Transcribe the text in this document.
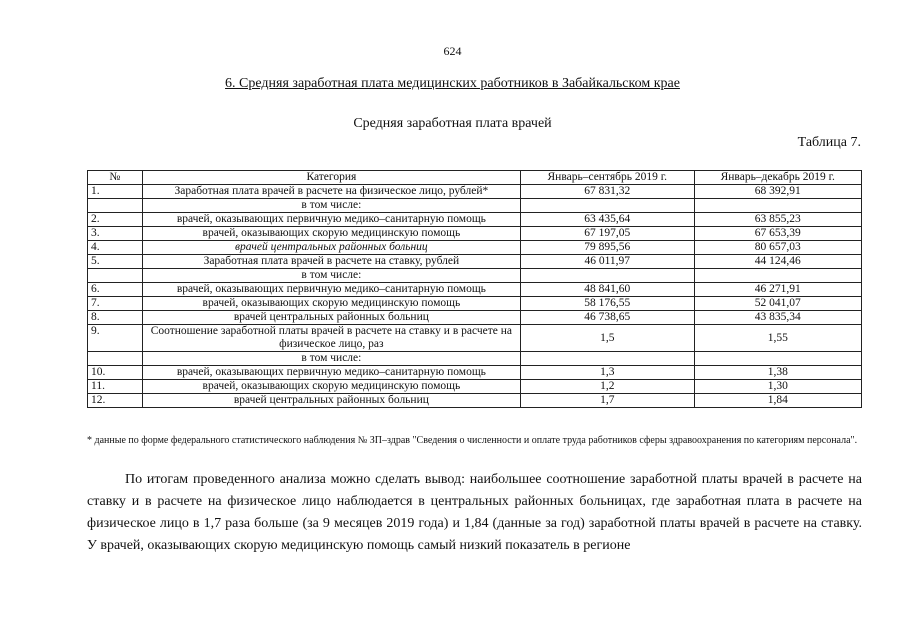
624
6. Средняя заработная плата медицинских работников в Забайкальском крае
Средняя заработная плата врачей
Таблица 7.
№	Категория	Январь–сентябрь 2019 г.	Январь–декабрь 2019 г.
1.	Заработная плата врачей в расчете на физическое лицо, рублей*	67 831,32	68 392,91
	в том числе:		
2.	врачей, оказывающих первичную медико–санитарную помощь	63 435,64	63 855,23
3.	врачей, оказывающих скорую медицинскую помощь	67 197,05	67 653,39
4.	врачей центральных районных больниц	79 895,56	80 657,03
5.	Заработная плата врачей в расчете на ставку, рублей	46 011,97	44 124,46
	в том числе:		
6.	врачей, оказывающих первичную медико–санитарную помощь	48 841,60	46 271,91
7.	врачей, оказывающих скорую медицинскую помощь	58 176,55	52 041,07
8.	врачей центральных районных больниц	46 738,65	43 835,34
9.	Соотношение заработной платы врачей в расчете на ставку и в расчете на физическое лицо, раз	1,5	1,55
	в том числе:		
10.	врачей, оказывающих первичную медико–санитарную помощь	1,3	1,38
11.	врачей, оказывающих скорую медицинскую помощь	1,2	1,30
12.	врачей центральных районных больниц	1,7	1,84
* данные по форме федерального статистического наблюдения № ЗП–здрав "Сведения о численности и оплате труда работников сферы здравоохранения по категориям персонала".
По итогам проведенного анализа можно сделать вывод: наибольшее соотношение заработной платы врачей в расчете на ставку и в расчете на физическое лицо наблюдается в центральных районных больницах, где заработная плата в расчете на физическое лицо в 1,7 раза больше (за 9 месяцев 2019 года) и 1,84 (данные за год) заработной платы врачей в расчете на ставку. У врачей, оказывающих скорую медицинскую помощь самый низкий показатель в регионе
